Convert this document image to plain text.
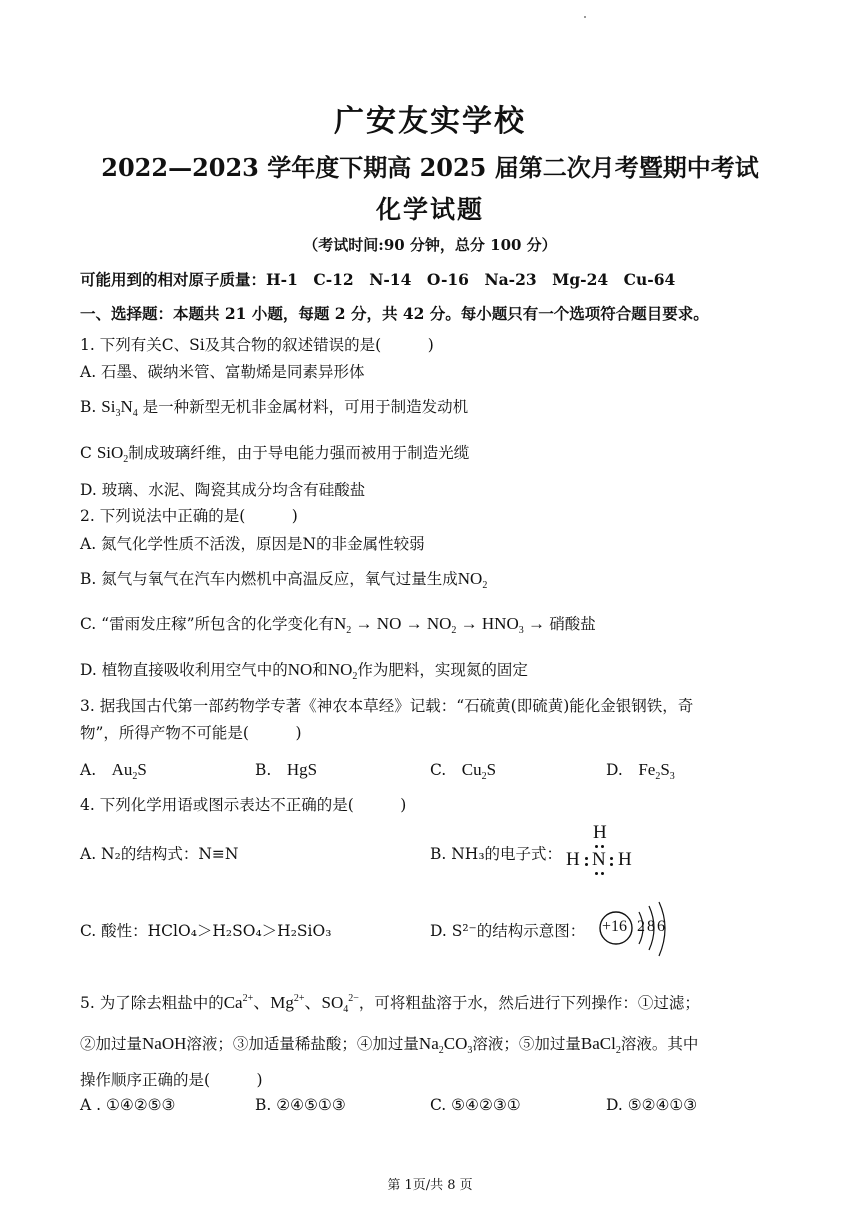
广安友实学校
2022—2023 学年度下期高 2025 届第二次月考暨期中考试
化学试题
（考试时间:90 分钟，总分 100 分）
可能用到的相对原子质量：H-1　C-12　N-14　O-16　Na-23　Mg-24　Cu-64
一、选择题：本题共 21 小题，每题 2 分，共 42 分。每小题只有一个选项符合题目要求。
1. 下列有关C、Si及其合物的叙述错误的是(　　　)
A. 石墨、碳纳米管、富勒烯是同素异形体
B. $Si_3N_4$ 是一种新型无机非金属材料，可用于制造发动机
C SiO$_2$制成玻璃纤维，由于导电能力强而被用于制造光缆
D. 玻璃、水泥、陶瓷其成分均含有硅酸盐
2. 下列说法中正确的是(　　　)
A. 氮气化学性质不活泼，原因是N的非金属性较弱
B. 氮气与氧气在汽车内燃机中高温反应，氧气过量生成$NO_2$
C. “雷雨发庄稼”所包含的化学变化有$N_2$ → NO → $NO_2 \to HNO_3$ → 硝酸盐
D. 植物直接吸收利用空气中的NO和$NO_2$作为肥料，实现氮的固定
3. 据我国古代第一部药物学专著《神农本草经》记载：“石硫黄(即硫黄)能化金银钢铁，奇
物”，所得产物不可能是(　　　)
A.　 $Au_2S$	B.　 HgS	C.　 $Cu_2S$	D.　 $Fe_2S_3$
4. 下列化学用语或图示表达不正确的是(　　　)
A. N₂的结构式：N≡N	B. NH₃的电子式：
H
H N H
C. 酸性：HClO₄＞H₂SO₄＞H₂SiO₃	D. S²⁻的结构示意图： +16 2 8 6
5. 为了除去粗盐中的$Ca^{2+}$、$Mg^{2+}$、$SO_4^{2-}$，可将粗盐溶于水，然后进行下列操作：①过滤；
②加过量NaOH溶液；③加适量稀盐酸；④加过量$Na_2CO_3$溶液；⑤加过量BaCl$_2$溶液。其中
操作顺序正确的是(　　　)
A . ①④②⑤③	B. ②④⑤①③	C. ⑤④②③①	D. ⑤②④①③
第 1页/共 8 页
